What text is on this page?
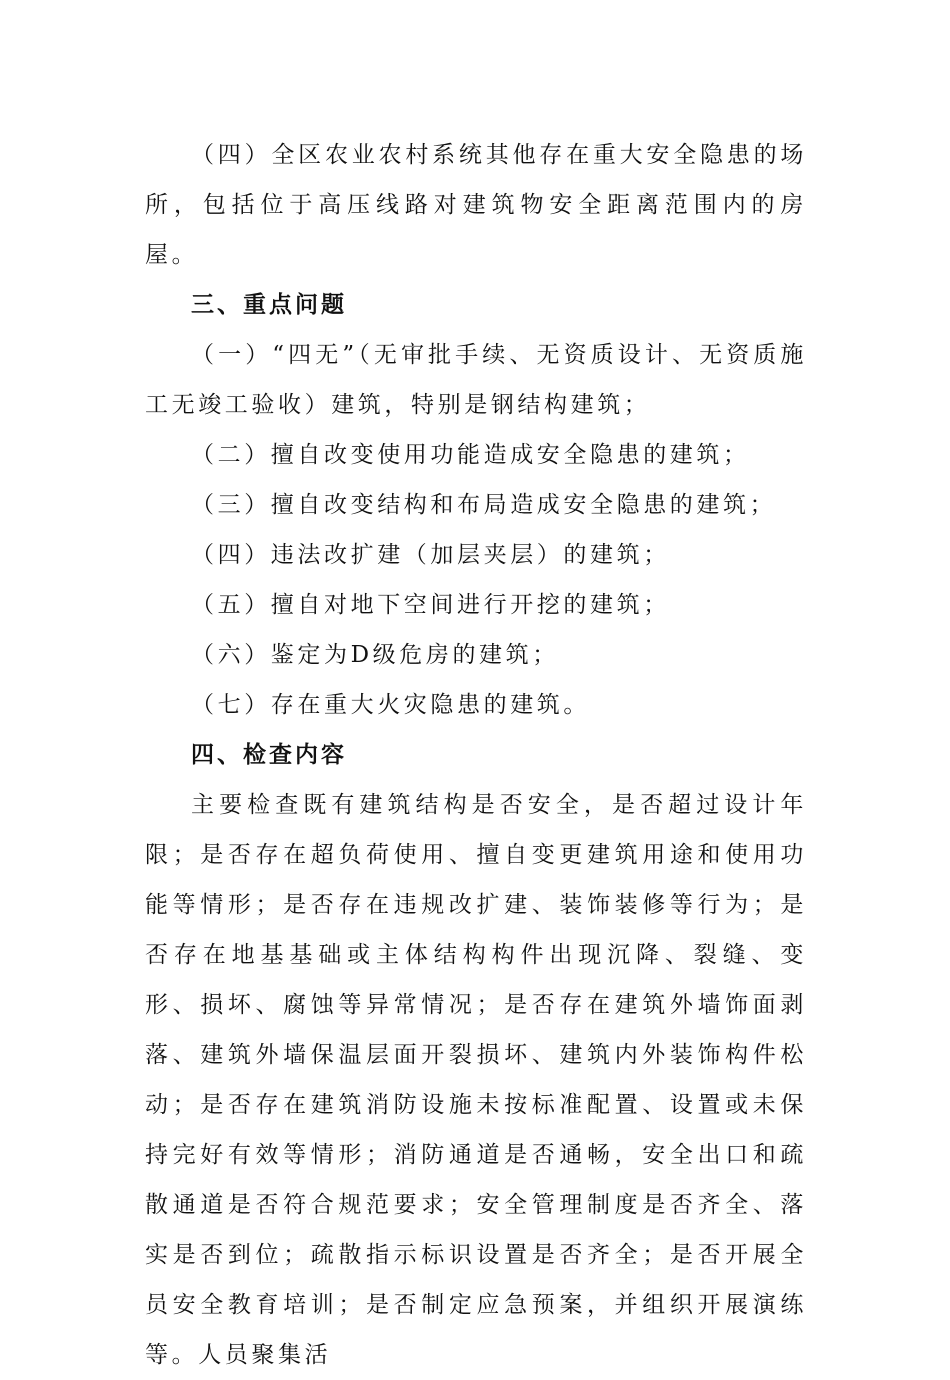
（四）全区农业农村系统其他存在重大安全隐患的场所，包括位于高压线路对建筑物安全距离范围内的房屋。

三、重点问题

（一）“四无”（无审批手续、无资质设计、无资质施工无竣工验收）建筑，特别是钢结构建筑；

（二）擅自改变使用功能造成安全隐患的建筑；

（三）擅自改变结构和布局造成安全隐患的建筑；

（四）违法改扩建（加层夹层）的建筑；

（五）擅自对地下空间进行开挖的建筑；

（六）鉴定为D级危房的建筑；

（七）存在重大火灾隐患的建筑。

四、检查内容

主要检查既有建筑结构是否安全，是否超过设计年限；是否存在超负荷使用、擅自变更建筑用途和使用功能等情形；是否存在违规改扩建、装饰装修等行为；是否存在地基基础或主体结构构件出现沉降、裂缝、变形、损坏、腐蚀等异常情况；是否存在建筑外墙饰面剥落、建筑外墙保温层面开裂损坏、建筑内外装饰构件松动；是否存在建筑消防设施未按标准配置、设置或未保持完好有效等情形；消防通道是否通畅，安全出口和疏散通道是否符合规范要求；安全管理制度是否齐全、落实是否到位；疏散指示标识设置是否齐全；是否开展全员安全教育培训；是否制定应急预案，并组织开展演练等。人员聚集活
